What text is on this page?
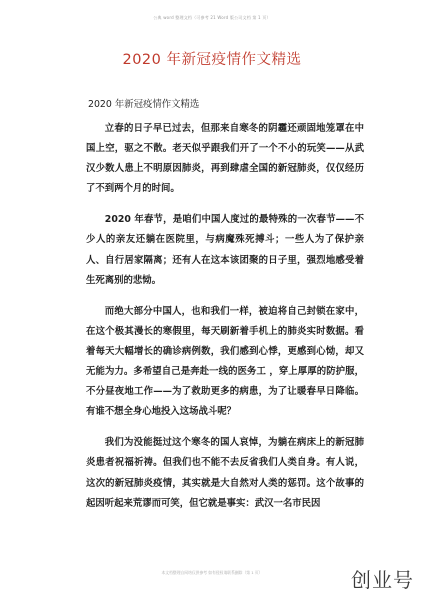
公典 word 整理文档（可参考 21 Word 版公司文档 第 1 页）
2020 年新冠疫情作文精选
2020 年新冠疫情作文精选

立春的日子早已过去，但那来自寒冬的阴霾还顽固地笼罩在中国上空，驱之不散。老天似乎跟我们开了一个不小的玩笑——从武汉少数人患上不明原因肺炎，再到肆虐全国的新冠肺炎，仅仅经历了不到两个月的时间。

2020 年春节，是咱们中国人度过的最特殊的一次春节——不少人的亲友还躺在医院里，与病魔殊死搏斗；一些人为了保护亲人、自行居家隔离；还有人在这本该团聚的日子里，强烈地感受着生死离别的悲恸。

而绝大部分中国人，也和我们一样，被迫将自己封锁在家中，在这个极其漫长的寒假里，每天刷新着手机上的肺炎实时数据。看着每天大幅增长的确诊病例数，我们感到心悸，更感到心恸，却又无能为力。多希望自己是奔赴一线的医务工 ，穿上厚厚的防护服，不分昼夜地工作——为了救助更多的病患，为了让暖春早日降临。有谁不想全身心地投入这场战斗呢？

我们为没能挺过这个寒冬的国人哀悼，为躺在病床上的新冠肺炎患者祝福祈祷。但我们也不能不去反省我们人类自身。有人说，这次的新冠肺炎疫情，其实就是大自然对人类的惩罚。这个故事的起因听起来荒谬而可笑，但它就是事实：武汉一名市民因

本文档整理自网络仅供参考 如有侵权请联系删除（第 1 页）	创业号
